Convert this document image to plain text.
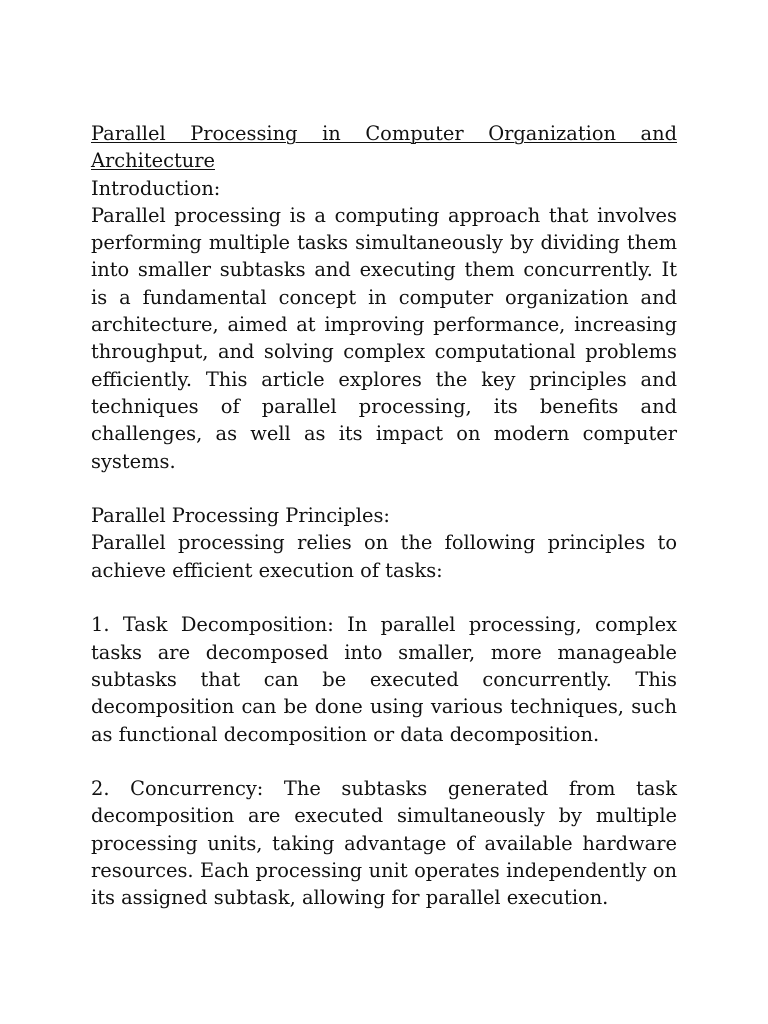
Parallel Processing in Computer Organization and Architecture

Introduction:

Parallel processing is a computing approach that involves performing multiple tasks simultaneously by dividing them into smaller subtasks and executing them concurrently. It is a fundamental concept in computer organization and architecture, aimed at improving performance, increasing throughput, and solving complex computational problems efficiently. This article explores the key principles and techniques of parallel processing, its benefits and challenges, as well as its impact on modern computer systems.

Parallel Processing Principles:

Parallel processing relies on the following principles to achieve efficient execution of tasks:

1. Task Decomposition: In parallel processing, complex tasks are decomposed into smaller, more manageable subtasks that can be executed concurrently. This decomposition can be done using various techniques, such as functional decomposition or data decomposition.

2. Concurrency: The subtasks generated from task decomposition are executed simultaneously by multiple processing units, taking advantage of available hardware resources. Each processing unit operates independently on its assigned subtask, allowing for parallel execution.
